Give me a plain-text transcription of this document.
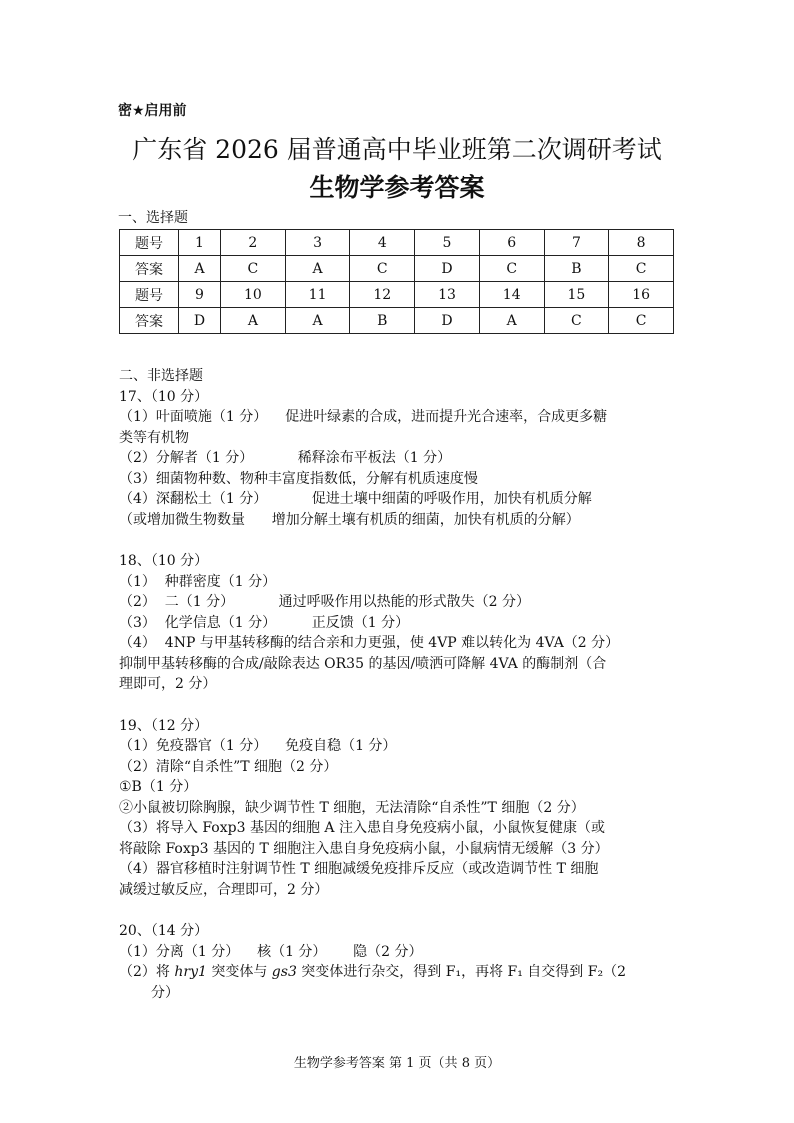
密★启用前
广东省 2026 届普通高中毕业班第二次调研考试
生物学参考答案
一、选择题
题号	1	2	3	4	5	6	7	8
答案	A	C	A	C	D	C	B	C
题号	9	10	11	12	13	14	15	16
答案	D	A	A	B	D	A	C	C
二、非选择题
17、（10 分）
（1）叶面喷施（1 分）    促进叶绿素的合成，进而提升光合速率，合成更多糖
类等有机物
（2）分解者（1 分）          稀释涂布平板法（1 分）
（3）细菌物种数、物种丰富度指数低，分解有机质速度慢
（4）深翻松土（1 分）          促进土壤中细菌的呼吸作用，加快有机质分解
（或增加微生物数量      增加分解土壤有机质的细菌，加快有机质的分解）
18、（10 分）
（1）  种群密度（1 分）
（2）  二（1 分）          通过呼吸作用以热能的形式散失（2 分）
（3）  化学信息（1 分）        正反馈（1 分）
（4）  4NP 与甲基转移酶的结合亲和力更强，使 4VP 难以转化为 4VA（2 分）
抑制甲基转移酶的合成/敲除表达 OR35 的基因/喷洒可降解 4VA 的酶制剂（合
理即可，2 分）
19、（12 分）
（1）免疫器官（1 分）    免疫自稳（1 分）
（2）清除“自杀性”T 细胞（2 分）
①B（1 分）
②小鼠被切除胸腺，缺少调节性 T 细胞，无法清除“自杀性”T 细胞（2 分）
（3）将导入 Foxp3 基因的细胞 A 注入患自身免疫病小鼠，小鼠恢复健康（或
将敲除 Foxp3 基因的 T 细胞注入患自身免疫病小鼠，小鼠病情无缓解（3 分）
（4）器官移植时注射调节性 T 细胞减缓免疫排斥反应（或改造调节性 T 细胞
减缓过敏反应，合理即可，2 分）
20、（14 分）
（1）分离（1 分）    核（1 分）      隐（2 分）
（2）将 hry1 突变体与 gs3 突变体进行杂交，得到 F₁，再将 F₁ 自交得到 F₂（2
分）
生物学参考答案 第 1 页（共 8 页）
